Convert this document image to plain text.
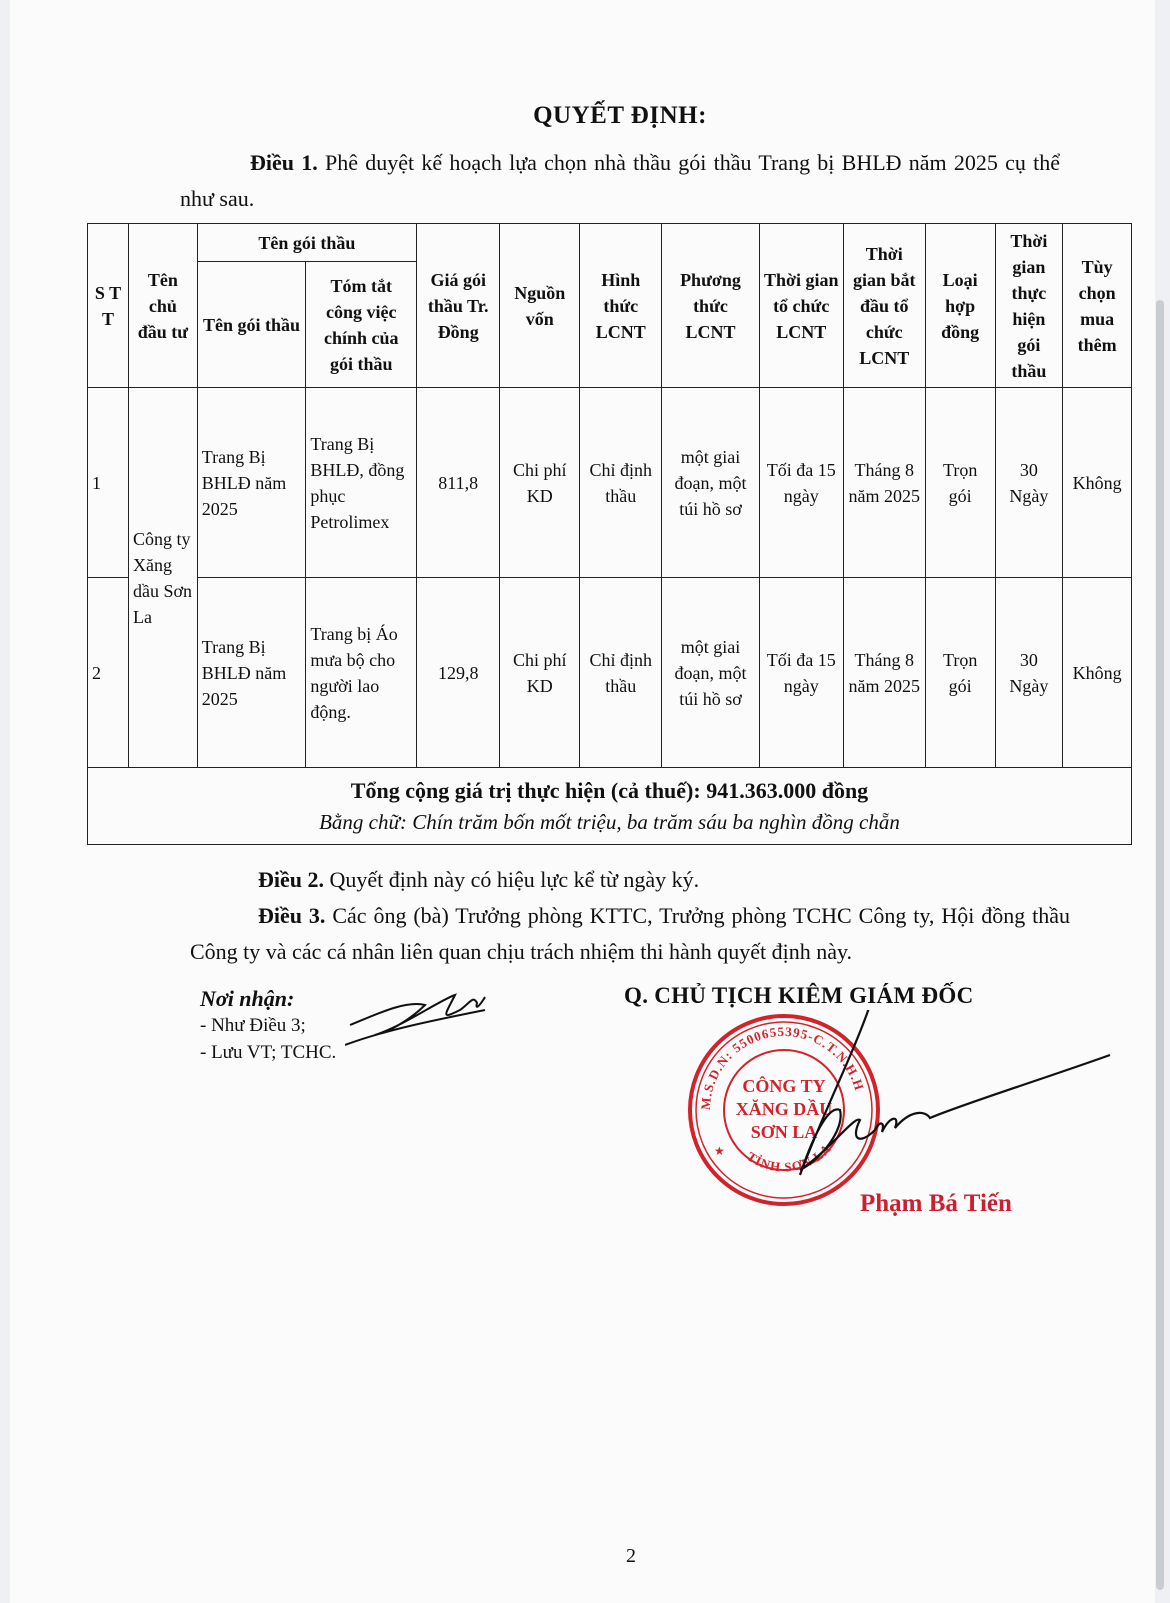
QUYẾT ĐỊNH:
Điều 1. Phê duyệt kế hoạch lựa chọn nhà thầu gói thầu Trang bị BHLĐ năm 2025 cụ thể như sau.
S T T	Tên chủ đầu tư	Tên gói thầu		Giá gói thầu Tr. Đồng	Nguồn vốn	Hình thức LCNT	Phương thức LCNT	Thời gian tổ chức LCNT	Thời gian bắt đầu tổ chức LCNT	Loại hợp đồng	Thời gian thực hiện gói thầu	Tùy chọn mua thêm
		Tên gói thầu	Tóm tắt công việc chính của gói thầu									
1	Công ty Xăng dầu Sơn La	Trang Bị BHLĐ năm 2025	Trang Bị BHLĐ, đồng phục Petrolimex	811,8	Chi phí KD	Chỉ định thầu	một giai đoạn, một túi hồ sơ	Tối đa 15 ngày	Tháng 8 năm 2025	Trọn gói	30 Ngày	Không
2		Trang Bị BHLĐ năm 2025	Trang bị Áo mưa bộ cho người lao động.	129,8	Chi phí KD	Chỉ định thầu	một giai đoạn, một túi hồ sơ	Tối đa 15 ngày	Tháng 8 năm 2025	Trọn gói	30 Ngày	Không

Tổng cộng giá trị thực hiện (cả thuế): 941.363.000 đồng
Bằng chữ: Chín trăm bốn mốt triệu, ba trăm sáu ba nghìn đồng chẵn												
Điều 2. Quyết định này có hiệu lực kể từ ngày ký.
Điều 3. Các ông (bà) Trưởng phòng KTTC, Trưởng phòng TCHC Công ty, Hội đồng thầu Công ty và các cá nhân liên quan chịu trách nhiệm thi hành quyết định này.
Nơi nhận:
- Như Điều 3;
- Lưu VT; TCHC.
Q. CHỦ TỊCH KIÊM GIÁM ĐỐC
M.S.D.N: 5500655395-C.T.N.H.H
TỈNH SƠN LA
CÔNG TY
XĂNG DẦU
SƠN LA
★
Phạm Bá Tiến
2
